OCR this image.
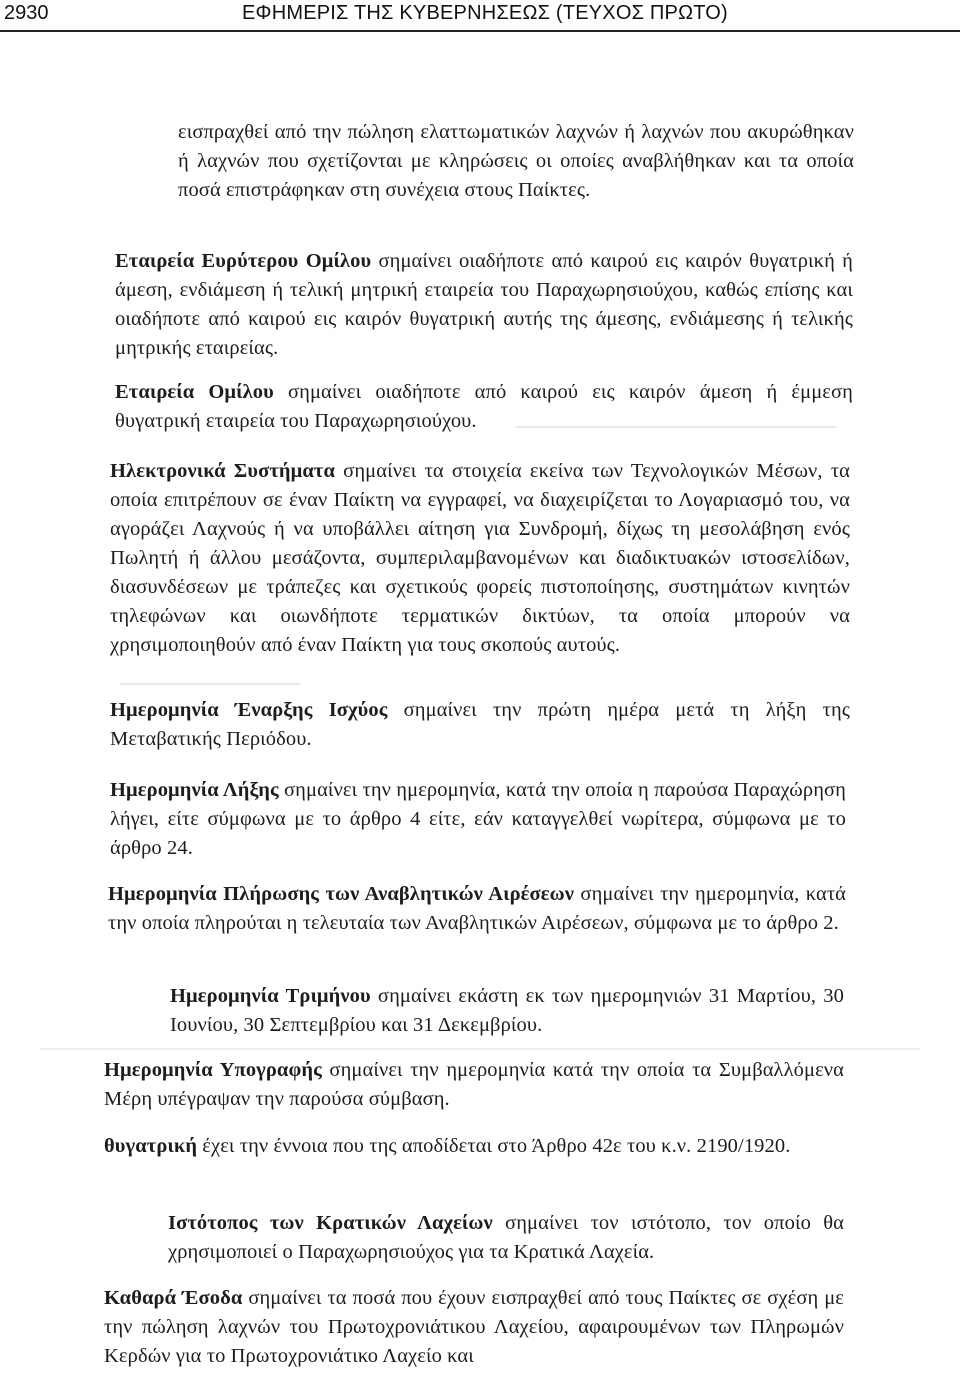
2930	ΕΦΗΜΕΡΙΣ ΤΗΣ ΚΥΒΕΡΝΗΣΕΩΣ (ΤΕΥΧΟΣ ΠΡΩΤΟ)

εισπραχθεί από την πώληση ελαττωματικών λαχνών ή λαχνών που ακυρώθηκαν ή λαχνών που σχετίζονται με κληρώσεις οι οποίες αναβλήθηκαν και τα οποία ποσά επιστράφηκαν στη συνέχεια στους Παίκτες.

Εταιρεία Ευρύτερου Ομίλου σημαίνει οιαδήποτε από καιρού εις καιρόν θυγατρική ή άμεση, ενδιάμεση ή τελική μητρική εταιρεία του Παραχωρησιούχου, καθώς επίσης και οιαδήποτε από καιρού εις καιρόν θυγατρική αυτής της άμεσης, ενδιάμεσης ή τελικής μητρικής εταιρείας.

Εταιρεία Ομίλου σημαίνει οιαδήποτε από καιρού εις καιρόν άμεση ή έμμεση θυγατρική εταιρεία του Παραχωρησιούχου.

Ηλεκτρονικά Συστήματα σημαίνει τα στοιχεία εκείνα των Τεχνολογικών Μέσων, τα οποία επιτρέπουν σε έναν Παίκτη να εγγραφεί, να διαχειρίζεται το Λογαριασμό του, να αγοράζει Λαχνούς ή να υποβάλλει αίτηση για Συνδρομή, δίχως τη μεσολάβηση ενός Πωλητή ή άλλου μεσάζοντα, συμπεριλαμβανομένων και διαδικτυακών ιστοσελίδων, διασυνδέσεων με τράπεζες και σχετικούς φορείς πιστοποίησης, συστημάτων κινητών τηλεφώνων και οιωνδήποτε τερματικών δικτύων, τα οποία μπορούν να χρησιμοποιηθούν από έναν Παίκτη για τους σκοπούς αυτούς.

Ημερομηνία Έναρξης Ισχύος σημαίνει την πρώτη ημέρα μετά τη λήξη της Μεταβατικής Περιόδου.

Ημερομηνία Λήξης σημαίνει την ημερομηνία, κατά την οποία η παρούσα Παραχώρηση λήγει, είτε σύμφωνα με το άρθρο 4 είτε, εάν καταγγελθεί νωρίτερα, σύμφωνα με το άρθρο 24.

Ημερομηνία Πλήρωσης των Αναβλητικών Αιρέσεων σημαίνει την ημερομηνία, κατά την οποία πληρούται η τελευταία των Αναβλητικών Αιρέσεων, σύμφωνα με το άρθρο 2.

Ημερομηνία Τριμήνου σημαίνει εκάστη εκ των ημερομηνιών 31 Μαρτίου, 30 Ιουνίου, 30 Σεπτεμβρίου και 31 Δεκεμβρίου.

Ημερομηνία Υπογραφής σημαίνει την ημερομηνία κατά την οποία τα Συμβαλλόμενα Μέρη υπέγραψαν την παρούσα σύμβαση.

θυγατρική έχει την έννοια που της αποδίδεται στο Άρθρο 42ε του κ.ν. 2190/1920.

Ιστότοπος των Κρατικών Λαχείων σημαίνει τον ιστότοπο, τον οποίο θα χρησιμοποιεί ο Παραχωρησιούχος για τα Κρατικά Λαχεία.

Καθαρά Έσοδα σημαίνει τα ποσά που έχουν εισπραχθεί από τους Παίκτες σε σχέση με την πώληση λαχνών του Πρωτοχρονιάτικου Λαχείου, αφαιρουμένων των Πληρωμών Κερδών για το Πρωτοχρονιάτικο Λαχείο και
